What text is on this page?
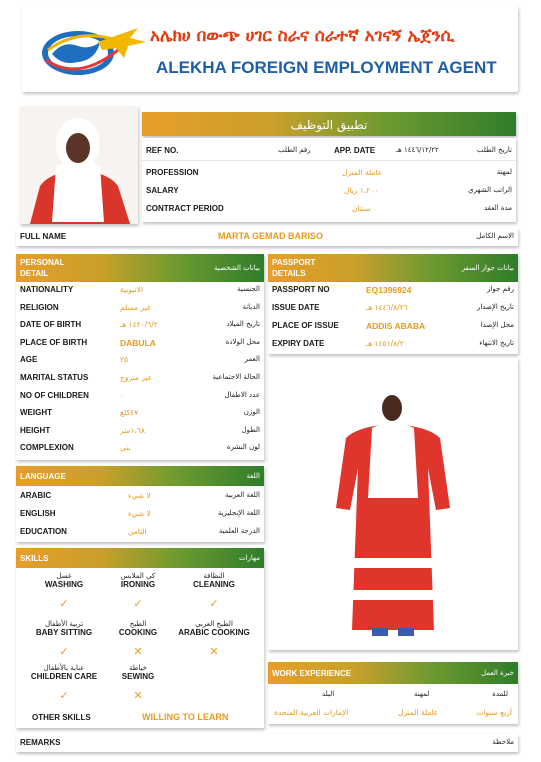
አሌክሀ በውጭ ሀገር ስራና ሰራተኛ አገናኝ ኤጀንሲ
ALEKHA FOREIGN EMPLOYMENT AGENT
تطبيق التوظيف
REF NO.	رقم الطلب	APP. DATE	١٤٤٦/١٢/٢٢ هـ	تاريخ الطلب
PROFESSION	عاملة المنزل	لمهنة
SALARY	١،٢٠٠ ريال	الراتب الشهري
CONTRACT PERIOD	سنتان	مدة العقد
FULL NAME	MARTA GEMAD BARISO	الاسم الكامل
PERSONAL DETAIL
بيانات الشخصية
NATIONALITY	الاثيوبية	الجنسية
RELIGION	غير مسلم	الديانة
DATE OF BIRTH	١٤٢٠/٦/٢ هـ	تاريخ الميلاد
PLACE OF BIRTH	DABULA	محل الولادة
AGE	٢٥	العمر
MARITAL STATUS	غير متزوج	الحالة الاجتماعية
NO OF CHILDREN	٠	عدد الاطفال
WEIGHT	٤٧كلغ	الوزن
HEIGHT	١،٦٨متر	الطول
COMPLEXION	بني	لون البشرة
PASSPORT DETAILS
بيانات جواز السفر
PASSPORT NO	EQ1396924	رقم جواز
ISSUE DATE	١٤٤٦/٨/٢٦ هـ	تاريخ الإصدار
PLACE OF ISSUE	ADDIS ABABA	محل الإصدا
EXPIRY DATE	١٤٥١/٨/٢٠ هـ	تاريخ الانتهاء
LANGUAGE	اللغة
ARABIC	لا شيء	اللغة العربية
ENGLISH	لا شيء	اللغة الإنجليزية
EDUCATION	الثامن	الدرجة العلمية
SKILLS	مهارات
OTHER SKILLS	WILLING TO LEARN
غسل
WASHING
✓
كي الملابس
IRONING
✓
النظافة
CLEANING
✓
تربية الأطفال
BABY SITTING
✓
الطبخ
COOKING
✕
الطبخ العربي
ARABIC COOKING
✕
عناية بالأطفال
CHILDREN CARE
✓
خياطة
SEWING
✕
WORK EXPERIENCE	خبرة العمل
البلد	لمهنة	للمدة
الإمارات العربية المتحدة	عاملة المنزل	أربع سنوات
REMARKS	ملاحظة
